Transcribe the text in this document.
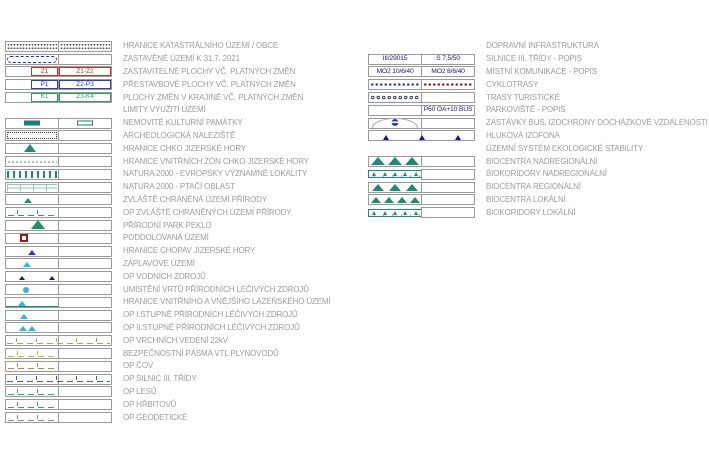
HRANICE KATASTRÁLNÍHO ÚZEMÍ / OBCE
ZASTAVĚNÉ ÚZEMÍ K 31.7. 2021
Z1	Z1-Z2	ZASTAVITELNÉ PLOCHY VČ. PLATNÝCH ZMĚN
P1	Z2-P3	PŘESTAVBOVÉ PLOCHY VČ. PLATNÝCH ZMĚN
K1	Z3-K4	PLOCHY ZMĚN V KRAJINĚ VČ. PLATNÝCH ZMĚN
LIMITY VYUŽITÍ ÚZEMÍ
NEMOVITÉ KULTURNÍ PAMÁTKY
ARCHEOLOGICKÁ NALEZIŠTĚ
HRANICE CHKO JIZERSKÉ HORY
HRANICE VNITŘNÍCH ZÓN CHKO JIZERSKÉ HORY
NATURA 2000 - EVROPSKY VÝZNAMNÉ LOKALITY
NATURA 2000 - PTAČÍ OBLAST
ZVLÁŠTĚ CHRÁNĚNÁ ÚZEMÍ PŘÍRODY
OP ZVLÁŠTĚ CHRÁNĚNÝCH ÚZEMÍ PŘÍRODY
PŘÍRODNÍ PARK PEKLO
PODDOLOVANÁ ÚZEMÍ
HRANICE CHOPAV JIZERSKÉ HORY
ZÁPLAVOVÉ ÚZEMÍ
OP VODNÍCH ZDROJŮ
UMÍSTĚNÍ VRTŮ PŘÍRODNÍCH LÉČIVÝCH ZDROJŮ
HRANICE VNITŘNÍHO A VNĚJŠÍHO LÁZEŇSKÉHO ÚZEMÍ
OP I.STUPNĚ PŘÍRODNÍCH LÉČIVÝCH ZDROJŮ
OP II.STUPNĚ PŘÍRODNÍCH LÉČIVÝCH ZDROJŮ
OP VRCHNÍCH VEDENÍ 22kV
BEZPEČNOSTNÍ PÁSMA VTL PLYNOVODŮ
OP ČOV
OP SILNIC III. TŘÍDY
OP LESŮ
OP HŘBITOVŮ
OP GEODETICKÉ
DOPRAVNÍ INFRASTRUKTURA
III/29015	S 7,5/50	SILNICE III. TŘÍDY - POPIS
MO2 10/6/40	MO2 8/6/40	MÍSTNÍ KOMUNIKACE - POPIS
CYKLOTRASY
TRASY TURISTICKÉ
P60 OA+10 BUS PARKOVIŠTĚ - POPIS
ZASTÁVKY BUS, IZOCHRONY DOCHÁZKOVÉ VZDÁLENOSTI
HLUKOVÁ IZOFONA
ÚZEMNÍ SYSTÉM EKOLOGICKÉ STABILITY
BIOCENTRA NADREGIONÁLNÍ
BIOKORIDORY NADREGIONÁLNÍ
BIOCENTRA REGIONÁLNÍ
BIOCENTRA LOKÁLNÍ
BIOKORIDORY LOKÁLNÍ
